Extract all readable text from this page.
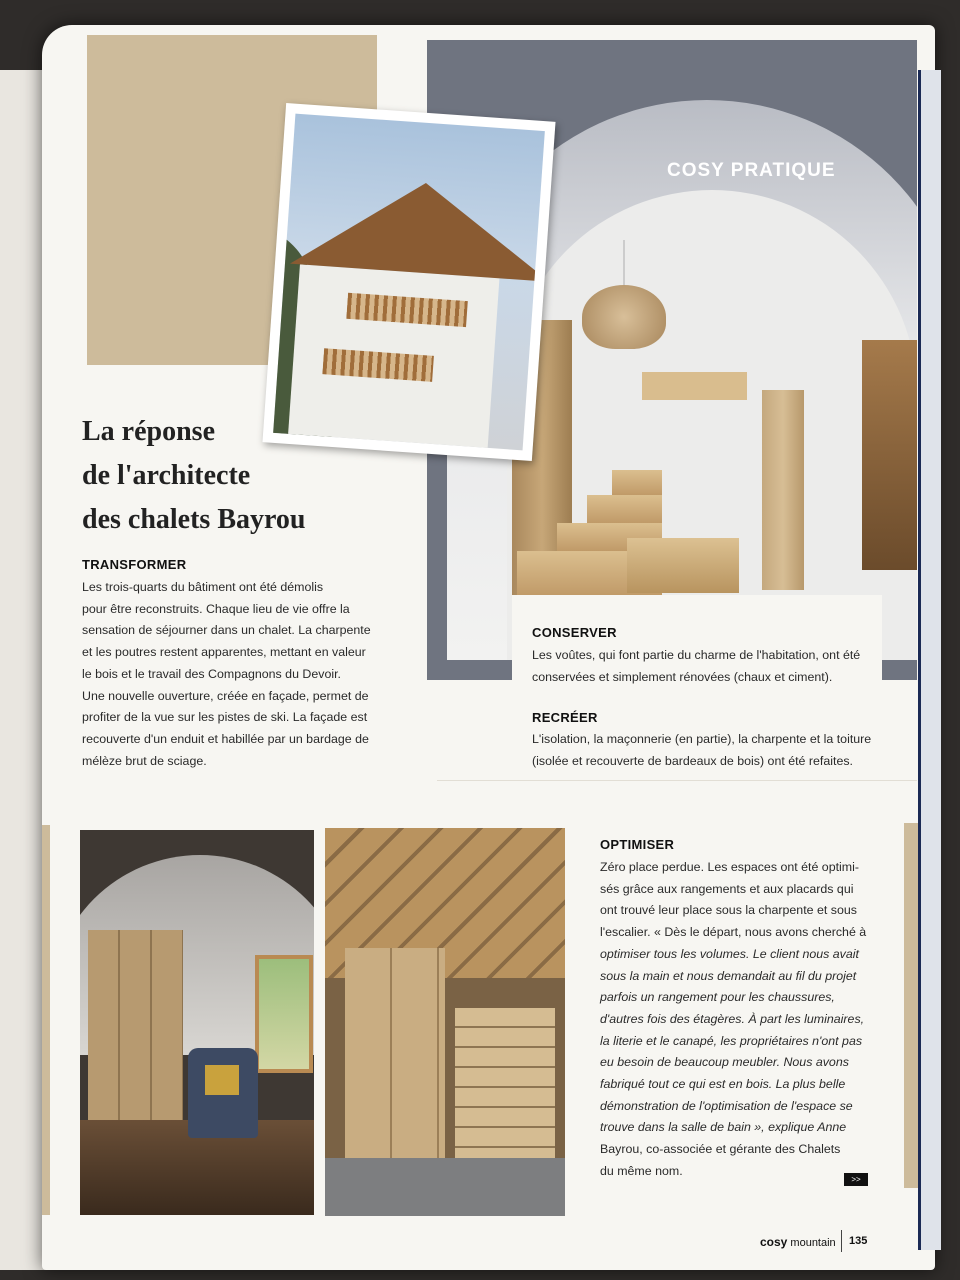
COSY PRATIQUE
La réponse
de l'architecte
des chalets Bayrou
TRANSFORMER
Les trois-quarts du bâtiment ont été démolis
pour être reconstruits. Chaque lieu de vie offre la
sensation de séjourner dans un chalet. La charpente
et les poutres restent apparentes, mettant en valeur
le bois et le travail des Compagnons du Devoir.
Une nouvelle ouverture, créée en façade, permet de
profiter de la vue sur les pistes de ski. La façade est
recouverte d'un enduit et habillée par un bardage de
mélèze brut de sciage.
CONSERVER
Les voûtes, qui font partie du charme de l'habitation, ont été
conservées et simplement rénovées (chaux et ciment).
RECRÉER
L'isolation, la maçonnerie (en partie), la charpente et la toiture
(isolée et recouverte de bardeaux de bois) ont été refaites.
OPTIMISER
Zéro place perdue. Les espaces ont été optimi-
sés grâce aux rangements et aux placards qui
ont trouvé leur place sous la charpente et sous
l'escalier. « Dès le départ, nous avons cherché à
optimiser tous les volumes. Le client nous avait
sous la main et nous demandait au fil du projet
parfois un rangement pour les chaussures,
d'autres fois des étagères. À part les luminaires,
la literie et le canapé, les propriétaires n'ont pas
eu besoin de beaucoup meubler. Nous avons
fabriqué tout ce qui est en bois. La plus belle
démonstration de l'optimisation de l'espace se
trouve dans la salle de bain », explique Anne
Bayrou, co-associée et gérante des Chalets
du même nom.
>>
cosy mountain 135
